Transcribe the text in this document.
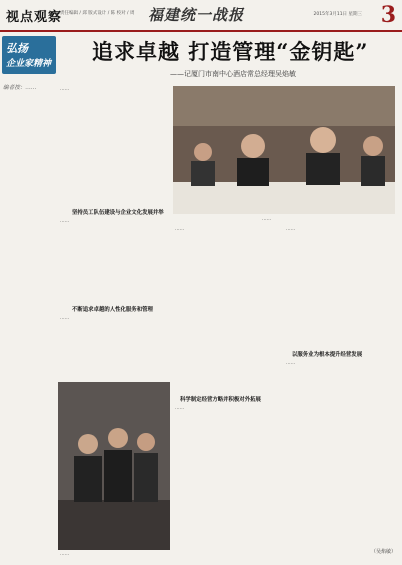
视点观察
责任编辑 / 邱 版式设计 / 陈 校对 / 周 福建统一战报	2015年3月11日 星期三 3
弘扬
企业家精神
编者按：……
追求卓越 打造管理“金钥匙”
——记厦门市南中心酒店常总经理吴焰敏
……
坚持员工队伍建设与企业文化发展并举
……
不断追求卓越的人性化服务和管理
……
……
……
……
科学制定经营方略并积极对外拓展
……
……
以服务业为根本提升经营发展
……
（吴焰敏）
